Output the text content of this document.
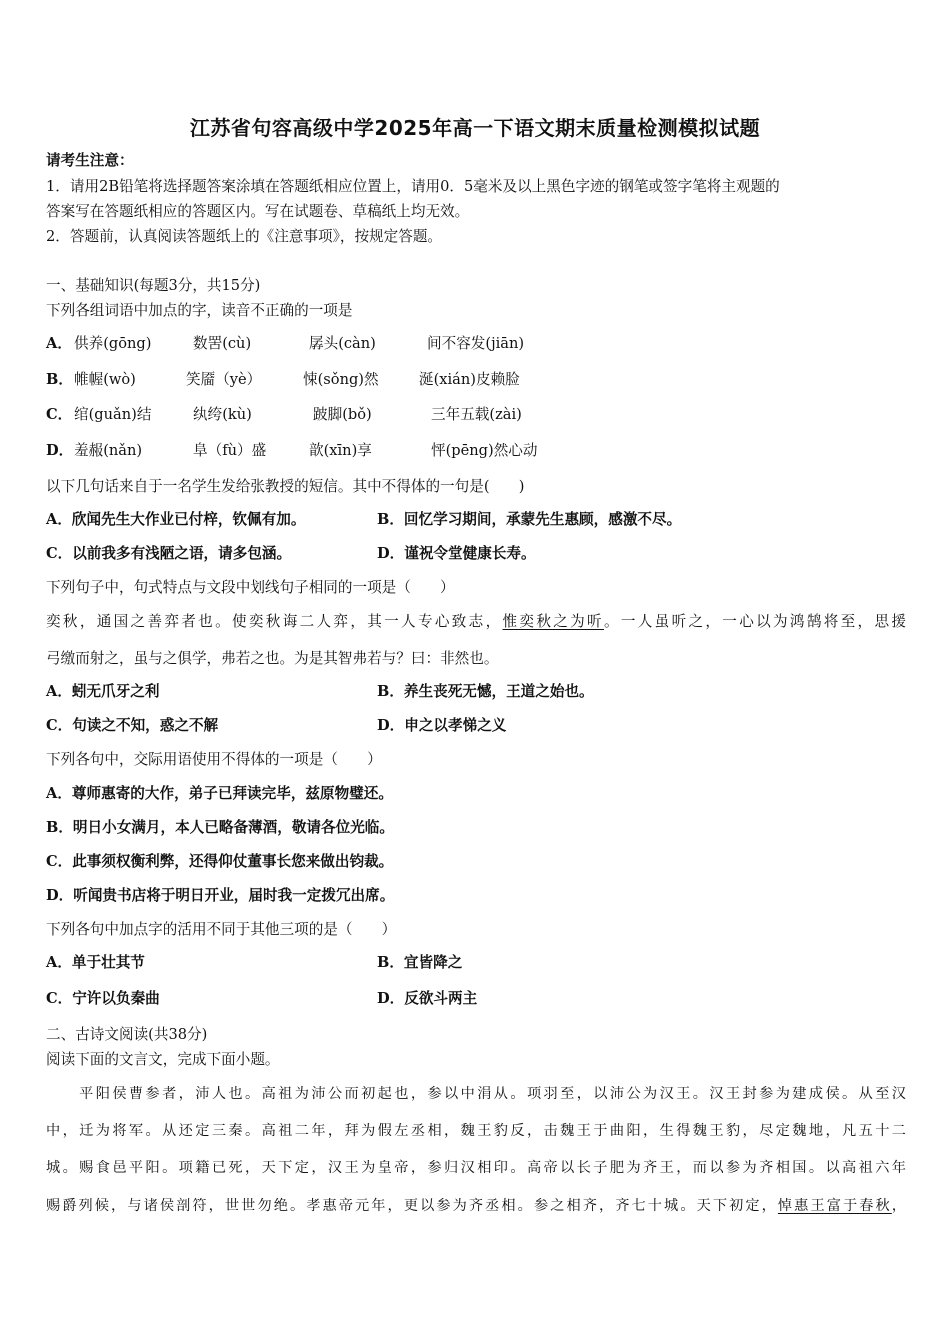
江苏省句容高级中学2025年高一下语文期末质量检测模拟试题
请考生注意：
1．请用2B铅笔将选择题答案涂填在答题纸相应位置上，请用0．5毫米及以上黑色字迹的钢笔或签字笔将主观题的
答案写在答题纸相应的答题区内。写在试题卷、草稿纸上均无效。
2．答题前，认真阅读答题纸上的《注意事项》，按规定答题。
一、基础知识(每题3分，共15分)
下列各组词语中加点的字，读音不正确的一项是
A． 供养(gōng)	数罟(cù)	孱头(càn)	间不容发(jiān)
B． 帷幄(wò)	笑靥（yè）	悚(sǒng)然	涎(xián)皮赖脸
C． 绾(guǎn)结	纨绔(kù)	跛脚(bǒ)	三年五载(zài)
D． 羞赧(nǎn)	阜（fù）盛	歆(xīn)享	怦(pēng)然心动
以下几句话来自于一名学生发给张教授的短信。其中不得体的一句是(　　)
A．欣闻先生大作业已付梓，钦佩有加。	B．回忆学习期间，承蒙先生惠顾，感激不尽。
C．以前我多有浅陋之语，请多包涵。	D．谨祝令堂健康长寿。
下列句子中，句式特点与文段中划线句子相同的一项是（　　）
奕秋，通国之善弈者也。使奕秋诲二人弈，其一人专心致志，惟奕秋之为听。一人虽听之，一心以为鸿鹄将至，思援
弓缴而射之，虽与之俱学，弗若之也。为是其智弗若与？曰：非然也。
A．蚓无爪牙之利	B．养生丧死无憾，王道之始也。
C．句读之不知，惑之不解	D．申之以孝悌之义
下列各句中，交际用语使用不得体的一项是（　　）
A．尊师惠寄的大作，弟子已拜读完毕，兹原物璧还。
B．明日小女满月，本人已略备薄酒，敬请各位光临。
C．此事须权衡利弊，还得仰仗董事长您来做出钧裁。
D．听闻贵书店将于明日开业，届时我一定拨冗出席。
下列各句中加点字的活用不同于其他三项的是（　　）
A．单于壮其节	B．宜皆降之
C．宁许以负秦曲	D．反欲斗两主
二、古诗文阅读(共38分)
阅读下面的文言文，完成下面小题。
　　平阳侯曹参者，沛人也。高祖为沛公而初起也，参以中涓从。项羽至，以沛公为汉王。汉王封参为建成侯。从至汉
中，迁为将军。从还定三秦。高祖二年，拜为假左丞相，魏王豹反，击魏王于曲阳，生得魏王豹，尽定魏地，凡五十二
城。赐食邑平阳。项籍已死，天下定，汉王为皇帝，参归汉相印。高帝以长子肥为齐王，而以参为齐相国。以高祖六年
赐爵列候，与诸侯剖符，世世勿绝。孝惠帝元年，更以参为齐丞相。参之相齐，齐七十城。天下初定，悼惠王富于春秋，
